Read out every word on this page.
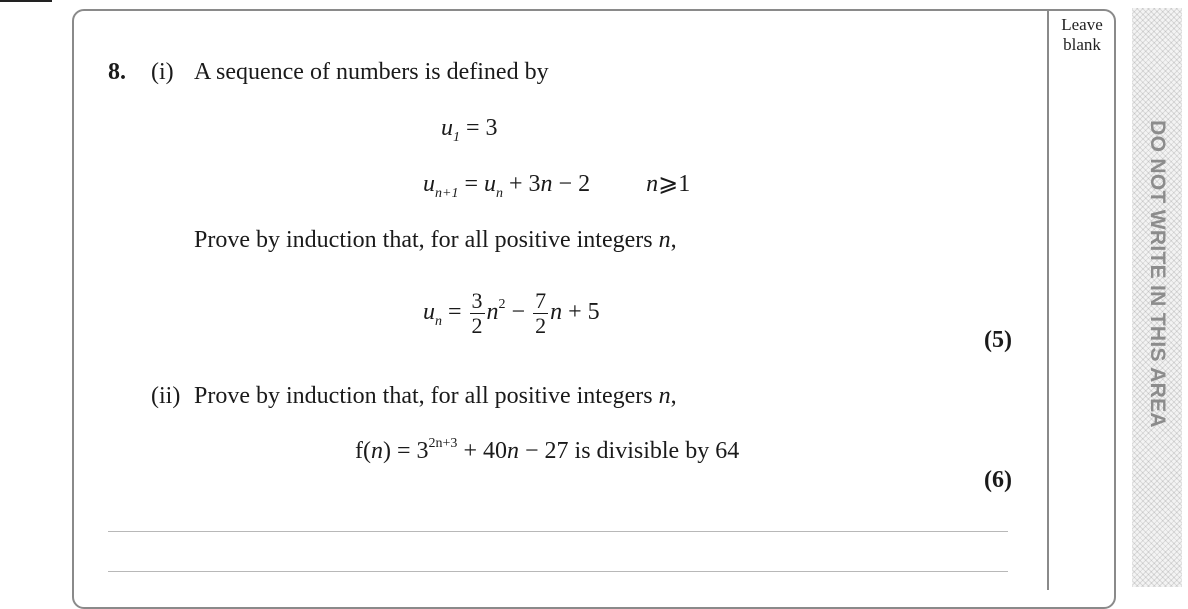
Leave blank
DO NOT WRITE IN THIS AREA
8. (i) A sequence of numbers is defined by
$u_1 = 3$
$u_{n+1} = u_n + 3n - 2$ n⩾1
Prove by induction that, for all positive integers n,
$u_n = \frac{3}{2} n^2 - \frac{7}{2}$ n + 5
(5)
(ii) Prove by induction that, for all positive integers n,
$f(n) = 3^{2n+3} + 40n - 27$ is divisible by 64
(6)
